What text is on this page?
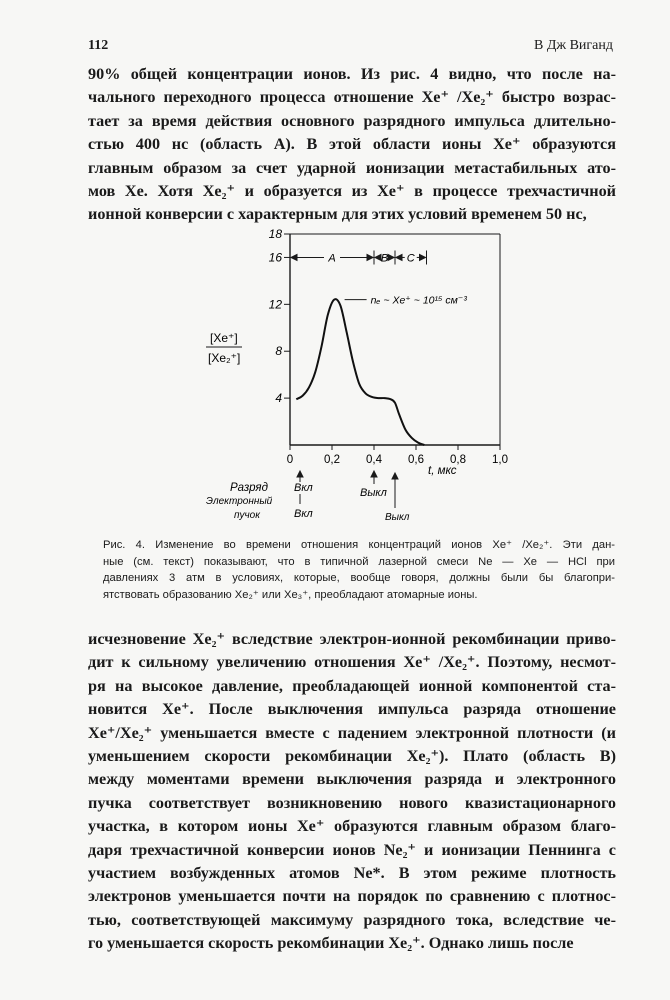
112	В Дж Виганд
90% общей концентрации ионов. Из рис. 4 видно, что после на-
чального переходного процесса отношение Xe⁺ /Xe₂⁺ быстро возрас-
тает за время действия основного разрядного импульса длительно-
стью 400 нс (область A). В этой области ионы Xe⁺ образуются
главным образом за счет ударной ионизации метастабильных ато-
мов Xe. Хотя Xe₂⁺ и образуется из Xe⁺ в процессе трехчастичной
ионной конверсии с характерным для этих условий временем 50 нс,
4
8
12
16
18
0	0,2 0,4 0,6 0,8 1,0
A	B C
nₑ ~ Xe⁺ ~ 10¹⁵ см⁻³
[Xe⁺]
[Xe₂⁺]
t, мкс
Разряд
Электронный
пучок
Вкл
Вкл
Выкл
Выкл
Рис. 4. Изменение во времени отношения концентраций ионов Xe⁺ /Xe₂⁺. Эти дан-
ные (см. текст) показывают, что в типичной лазерной смеси Ne — Xe — HCl при
давлениях 3 атм в условиях, которые, вообще говоря, должны были бы благопри-
ятствовать образованию Xe₂⁺ или Xe₃⁺, преобладают атомарные ионы.
исчезновение Xe₂⁺ вследствие электрон-ионной рекомбинации приво-
дит к сильному увеличению отношения Xe⁺ /Xe₂⁺. Поэтому, несмот-
ря на высокое давление, преобладающей ионной компонентой ста-
новится Xe⁺. После выключения импульса разряда отношение
Xe⁺/Xe₂⁺ уменьшается вместе с падением электронной плотности (и
уменьшением скорости рекомбинации Xe₂⁺). Плато (область B)
между моментами времени выключения разряда и электронного
пучка соответствует возникновению нового квазистационарного
участка, в котором ионы Xe⁺ образуются главным образом благо-
даря трехчастичной конверсии ионов Ne₂⁺ и ионизации Пеннинга с
участием возбужденных атомов Ne*. В этом режиме плотность
электронов уменьшается почти на порядок по сравнению с плотнос-
тью, соответствующей максимуму разрядного тока, вследствие че-
го уменьшается скорость рекомбинации Xe₂⁺. Однако лишь после
